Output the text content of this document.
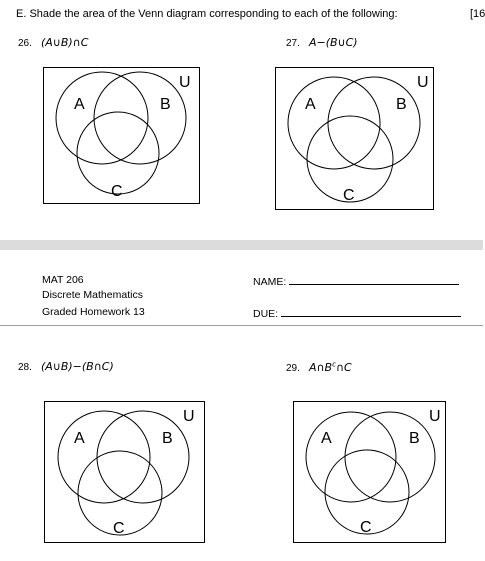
E. Shade the area of the Venn diagram corresponding to each of the following:	[16
26. (A∪B)∩C
A	B
U
C
27. A−(B∪C)
A	B
U
C
MAT 206
Discrete Mathematics
Graded Homework 13
NAME:
DUE:
28. (A∪B)−(B∩C)
A	B
U
C
29. $A\cap B^c\cap C$
A	B
U
C
